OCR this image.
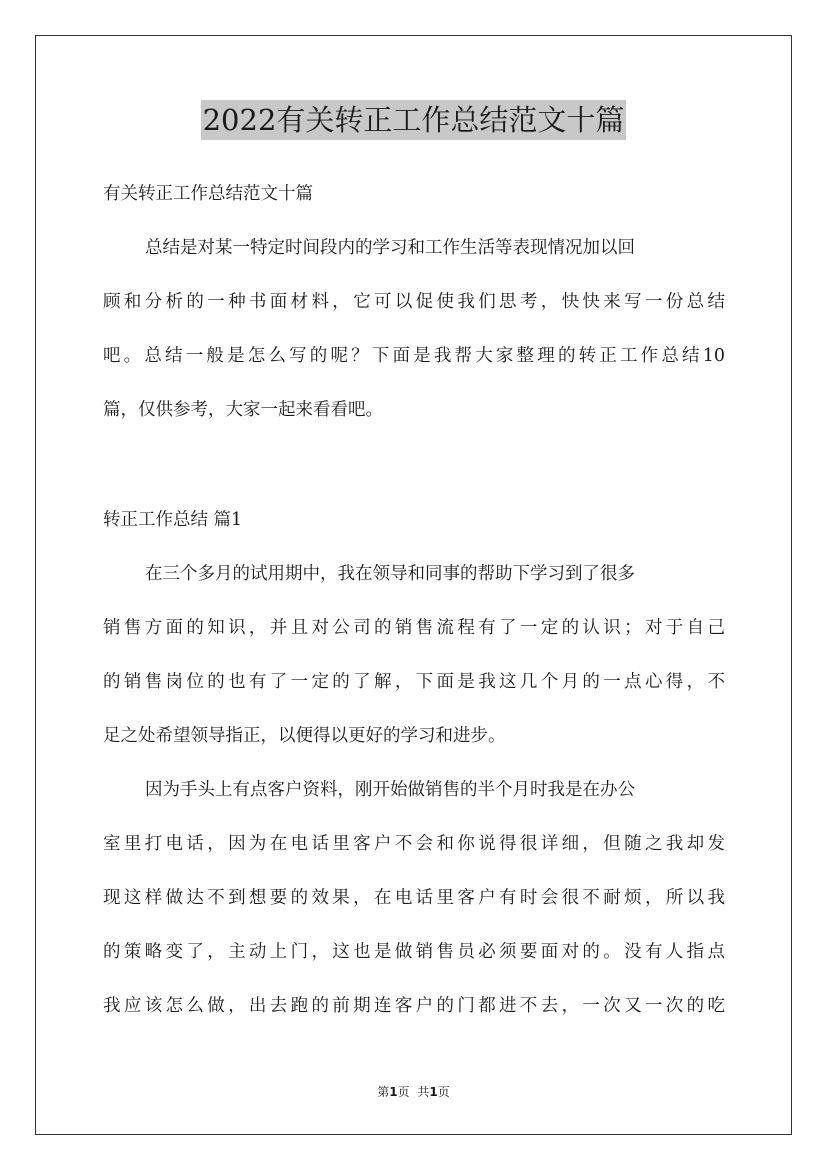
2022有关转正工作总结范文十篇
有关转正工作总结范文十篇
总结是对某一特定时间段内的学习和工作生活等表现情况加以回
顾和分析的一种书面材料，它可以促使我们思考，快快来写一份总结
吧。总结一般是怎么写的呢？下面是我帮大家整理的转正工作总结10
篇，仅供参考，大家一起来看看吧。
转正工作总结 篇1
在三个多月的试用期中，我在领导和同事的帮助下学习到了很多
销售方面的知识，并且对公司的销售流程有了一定的认识；对于自己
的销售岗位的也有了一定的了解，下面是我这几个月的一点心得，不
足之处希望领导指正，以便得以更好的学习和进步。
因为手头上有点客户资料，刚开始做销售的半个月时我是在办公
室里打电话，因为在电话里客户不会和你说得很详细，但随之我却发
现这样做达不到想要的效果，在电话里客户有时会很不耐烦，所以我
的策略变了，主动上门，这也是做销售员必须要面对的。没有人指点
我应该怎么做，出去跑的前期连客户的门都进不去，一次又一次的吃
第1页 共1页
